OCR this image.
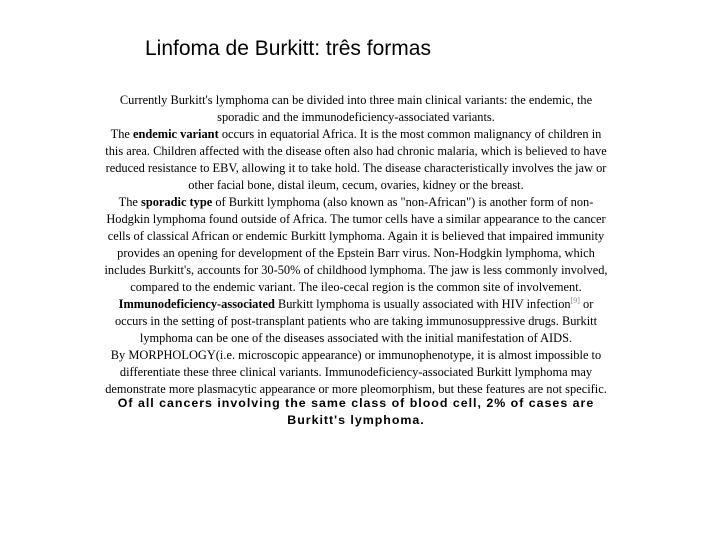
Linfoma de Burkitt: três formas
Currently Burkitt's lymphoma can be divided into three main clinical variants: the endemic, the
sporadic and the immunodeficiency-associated variants.
The endemic variant occurs in equatorial Africa. It is the most common malignancy of children in
this area. Children affected with the disease often also had chronic malaria, which is believed to have
reduced resistance to EBV, allowing it to take hold. The disease characteristically involves the jaw or
other facial bone, distal ileum, cecum, ovaries, kidney or the breast.
The sporadic type of Burkitt lymphoma (also known as "non-African") is another form of non-
Hodgkin lymphoma found outside of Africa. The tumor cells have a similar appearance to the cancer
cells of classical African or endemic Burkitt lymphoma. Again it is believed that impaired immunity
provides an opening for development of the Epstein Barr virus. Non-Hodgkin lymphoma, which
includes Burkitt's, accounts for 30-50% of childhood lymphoma. The jaw is less commonly involved,
compared to the endemic variant. The ileo-cecal region is the common site of involvement.
Immunodeficiency-associated Burkitt lymphoma is usually associated with HIV infection[9] or
occurs in the setting of post-transplant patients who are taking immunosuppressive drugs. Burkitt
lymphoma can be one of the diseases associated with the initial manifestation of AIDS.
By MORPHOLOGY(i.e. microscopic appearance) or immunophenotype, it is almost impossible to
differentiate these three clinical variants. Immunodeficiency-associated Burkitt lymphoma may
demonstrate more plasmacytic appearance or more pleomorphism, but these features are not specific.
Of all cancers involving the same class of blood cell, 2% of cases are
Burkitt's lymphoma.
